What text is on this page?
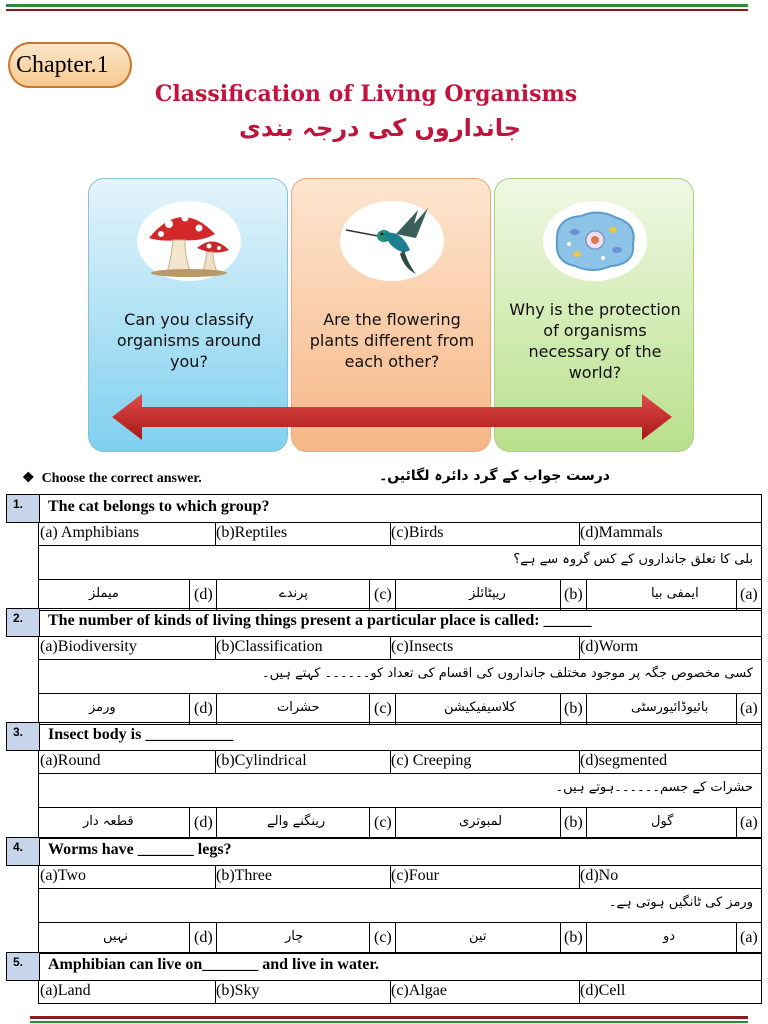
Chapter.1
Classification of Living Organisms
جانداروں کی درجہ بندی
Can you classify organisms around you?
Are the flowering plants different from each other?
Why is the protection of organisms necessary of the world?
❖ Choose the correct answer.	درست جواب کے گرد دائرہ لگائیں۔
1.	The cat belongs to which group?
(a) Amphibians	(b)Reptiles	(c)Birds	(d)Mammals
بلی کا تعلق جانداروں کے کس گروہ سے ہے؟
میملز	(d)	پرندے	(c)	ریپٹائلز	(b)	ایمفی بیا	(a)
2.	The number of kinds of living things present a particular place is called: ______
(a)Biodiversity	(b)Classification	(c)Insects	(d)Worm
کسی مخصوص جگہ پر موجود مختلف جانداروں کی اقسام کی تعداد کو۔۔۔۔۔۔ کہتے ہیں۔
ورمز	(d)	حشرات	(c)	کلاسیفیکیشن	(b)	بائیوڈائیورسٹی (a)
3.	Insect body is ___________
(a)Round	(b)Cylindrical	(c) Creeping	(d)segmented
حشرات کے جسم۔۔۔۔۔۔ہوتے ہیں۔
قطعہ دار	(d)	رینگنے والے	(c)	لمبوتری	(b)	گول	(a)
4.	Worms have _______ legs?
(a)Two	(b)Three	(c)Four	(d)No
ورمز کی ٹانگیں ہوتی ہے۔
نہیں	(d)	چار	(c)	تین	(b)	دو	(a)
5.	Amphibian can live on_______ and live in water.
(a)Land	(b)Sky	(c)Algae	(d)Cell
